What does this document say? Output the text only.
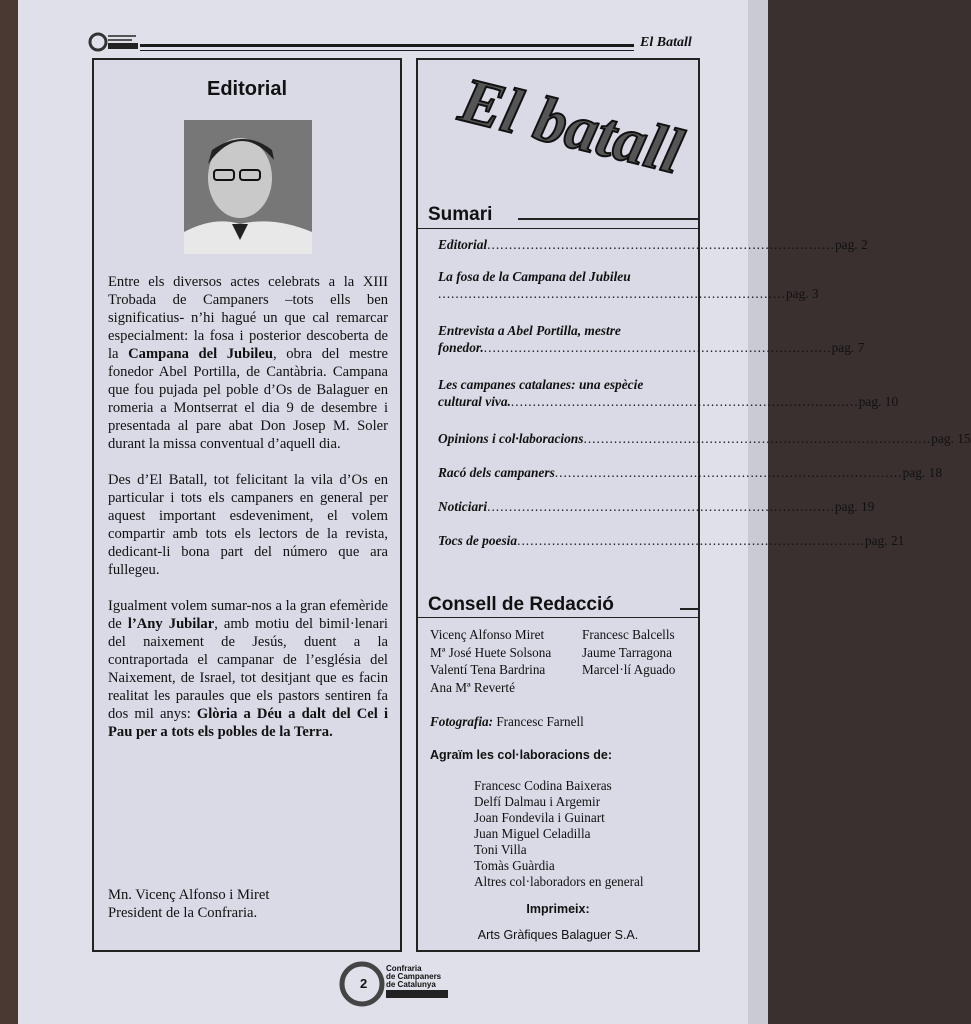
El Batall
Editorial

Entre els diversos actes celebrats a la XIII Trobada de Campaners –tots ells ben significatius- n’hi hagué un que cal remarcar especialment: la fosa i posterior descoberta de la Campana del Jubileu, obra del mestre fonedor Abel Portilla, de Cantàbria. Campana que fou pujada pel poble d’Os de Balaguer en romeria a Montserrat el dia 9 de desembre i presentada al pare abat Don Josep M. Soler durant la missa conventual d’aquell dia.

Des d’El Batall, tot felicitant la vila d’Os en particular i tots els campaners en general per aquest important esdeveniment, el volem compartir amb tots els lectors de la revista, dedicant-li bona part del número que ara fullegeu.

Igualment volem sumar-nos a la gran efemèride de l’Any Jubilar, amb motiu del bimil·lenari del naixement de Jesús, duent a la contraportada el campanar de l’església del Naixement, de Israel, tot desitjant que es facin realitat les paraules que els pastors sentiren fa dos mil anys: Glòria a Déu a dalt del Cel i Pau per a tots els pobles de la Terra.

Mn. Vicenç Alfonso i Miret
President de la Confraria.
El batall
Sumari
Editorial ................................................................................ pag. 2
La fosa de la Campana del Jubileu
................................................................................ pag. 3
Entrevista a Abel Portilla, mestre
fonedor. ................................................................................ pag. 7
Les campanes catalanes: una espècie
cultural viva. ................................................................................ pag. 10
Opinions i col·laboracions ................................................................................ pag. 15
Racó dels campaners ................................................................................ pag. 18
Noticiari ................................................................................ pag. 19
Tocs de poesia ................................................................................ pag. 21
Consell de Redacció
Vicenç Alfonso Miret	Francesc Balcells
Mª José Huete Solsona Jaume Tarragona
Valentí Tena Bardrina	Marcel·lí Aguado
Ana Mª Reverté
Fotografia: Francesc Farnell
Agraïm les col·laboracions de:
Francesc Codina Baixeras
Delfí Dalmau i Argemir
Joan Fondevila i Guinart
Juan Miguel Celadilla
Toni Villa
Tomàs Guàrdia
Altres col·laboradors en general
Imprimeix:
Arts Gràfiques Balaguer S.A.
Confraria
de Campaners
de Catalunya
2
